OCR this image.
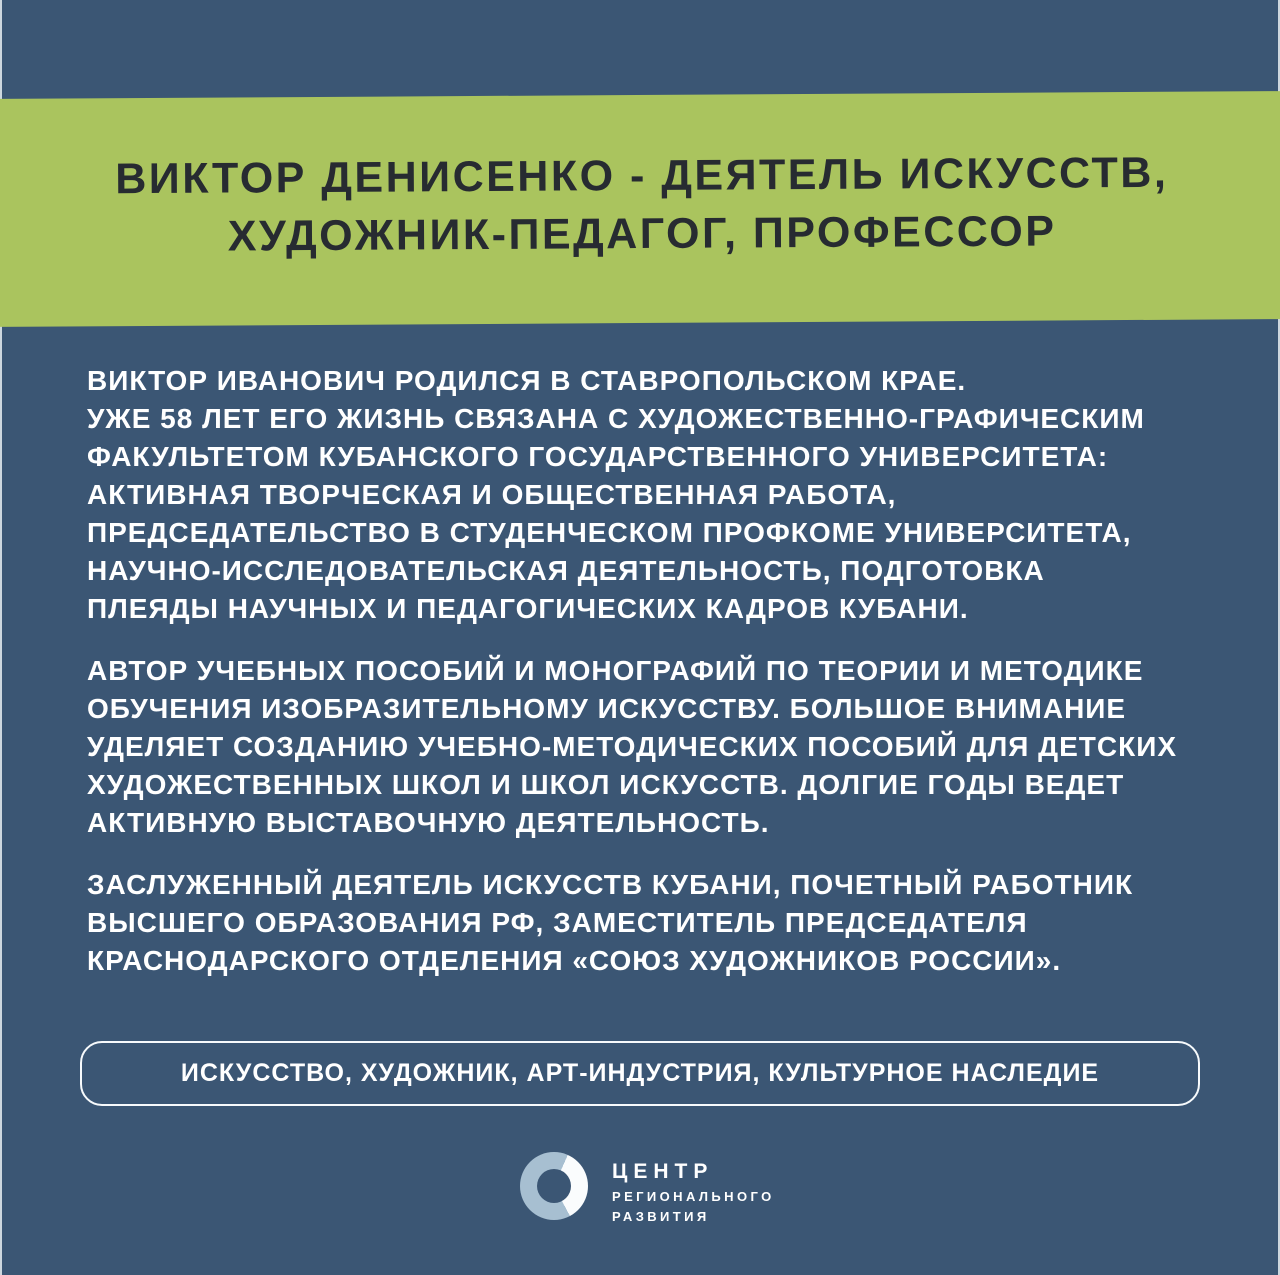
ВИКТОР ДЕНИСЕНКО - ДЕЯТЕЛЬ ИСКУССТВ,
ХУДОЖНИК-ПЕДАГОГ, ПРОФЕССОР
ВИКТОР ИВАНОВИЧ РОДИЛСЯ В СТАВРОПОЛЬСКОМ КРАЕ.
УЖЕ 58 ЛЕТ ЕГО ЖИЗНЬ СВЯЗАНА С ХУДОЖЕСТВЕННО-ГРАФИЧЕСКИМ
ФАКУЛЬТЕТОМ КУБАНСКОГО ГОСУДАРСТВЕННОГО УНИВЕРСИТЕТА:
АКТИВНАЯ ТВОРЧЕСКАЯ И ОБЩЕСТВЕННАЯ РАБОТА,
ПРЕДСЕДАТЕЛЬСТВО В СТУДЕНЧЕСКОМ ПРОФКОМЕ УНИВЕРСИТЕТА,
НАУЧНО-ИССЛЕДОВАТЕЛЬСКАЯ ДЕЯТЕЛЬНОСТЬ, ПОДГОТОВКА
ПЛЕЯДЫ НАУЧНЫХ И ПЕДАГОГИЧЕСКИХ КАДРОВ КУБАНИ.
АВТОР УЧЕБНЫХ ПОСОБИЙ И МОНОГРАФИЙ ПО ТЕОРИИ И МЕТОДИКЕ
ОБУЧЕНИЯ ИЗОБРАЗИТЕЛЬНОМУ ИСКУССТВУ. БОЛЬШОЕ ВНИМАНИЕ
УДЕЛЯЕТ СОЗДАНИЮ УЧЕБНО-МЕТОДИЧЕСКИХ ПОСОБИЙ ДЛЯ ДЕТСКИХ
ХУДОЖЕСТВЕННЫХ ШКОЛ И ШКОЛ ИСКУССТВ. ДОЛГИЕ ГОДЫ ВЕДЕТ
АКТИВНУЮ ВЫСТАВОЧНУЮ ДЕЯТЕЛЬНОСТЬ.
ЗАСЛУЖЕННЫЙ ДЕЯТЕЛЬ ИСКУССТВ КУБАНИ, ПОЧЕТНЫЙ РАБОТНИК
ВЫСШЕГО ОБРАЗОВАНИЯ РФ, ЗАМЕСТИТЕЛЬ ПРЕДСЕДАТЕЛЯ
КРАСНОДАРСКОГО ОТДЕЛЕНИЯ «СОЮЗ ХУДОЖНИКОВ РОССИИ».
ИСКУССТВО, ХУДОЖНИК, АРТ-ИНДУСТРИЯ, КУЛЬТУРНОЕ НАСЛЕДИЕ
ЦЕНТР
РЕГИОНАЛЬНОГО
РАЗВИТИЯ
